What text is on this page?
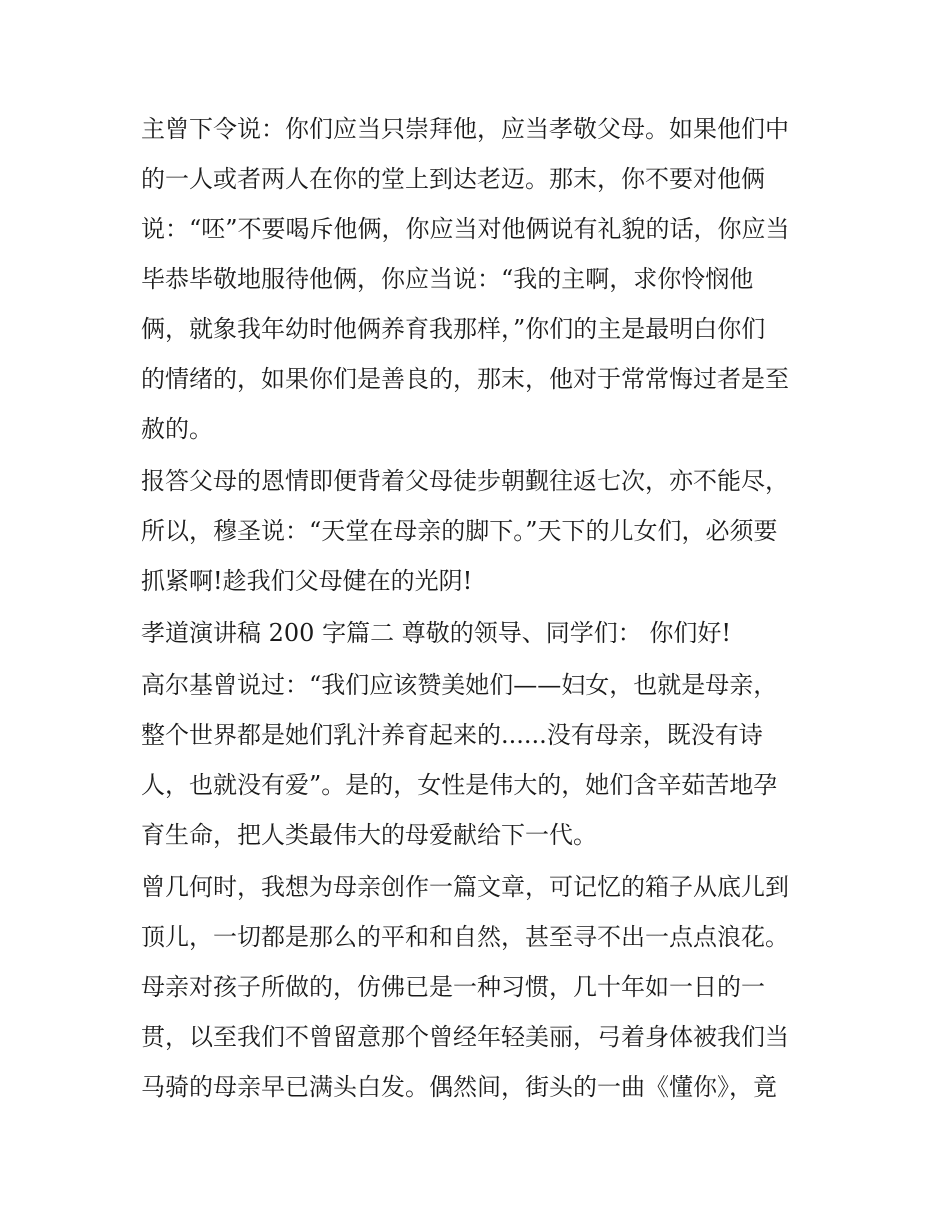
主曾下令说：你们应当只崇拜他，应当孝敬父母。如果他们中
的一人或者两人在你的堂上到达老迈。那末，你不要对他俩
说：“呸”不要喝斥他俩，你应当对他俩说有礼貌的话，你应当
毕恭毕敬地服待他俩，你应当说：“我的主啊，求你怜悯他
俩，就象我年幼时他俩养育我那样，”你们的主是最明白你们
的情绪的，如果你们是善良的，那末，他对于常常悔过者是至
赦的。
报答父母的恩情即便背着父母徒步朝觐往返七次，亦不能尽，
所以，穆圣说：“天堂在母亲的脚下。”天下的儿女们，必须要
抓紧啊!趁我们父母健在的光阴!
孝道演讲稿 200 字篇二 尊敬的领导、同学们： 你们好!
高尔基曾说过：“我们应该赞美她们——妇女，也就是母亲，
整个世界都是她们乳汁养育起来的......没有母亲，既没有诗
人，也就没有爱”。是的，女性是伟大的，她们含辛茹苦地孕
育生命，把人类最伟大的母爱献给下一代。
曾几何时，我想为母亲创作一篇文章，可记忆的箱子从底儿到
顶儿，一切都是那么的平和和自然，甚至寻不出一点点浪花。
母亲对孩子所做的，仿佛已是一种习惯，几十年如一日的一
贯，以至我们不曾留意那个曾经年轻美丽，弓着身体被我们当
马骑的母亲早已满头白发。偶然间，街头的一曲《懂你》，竟
